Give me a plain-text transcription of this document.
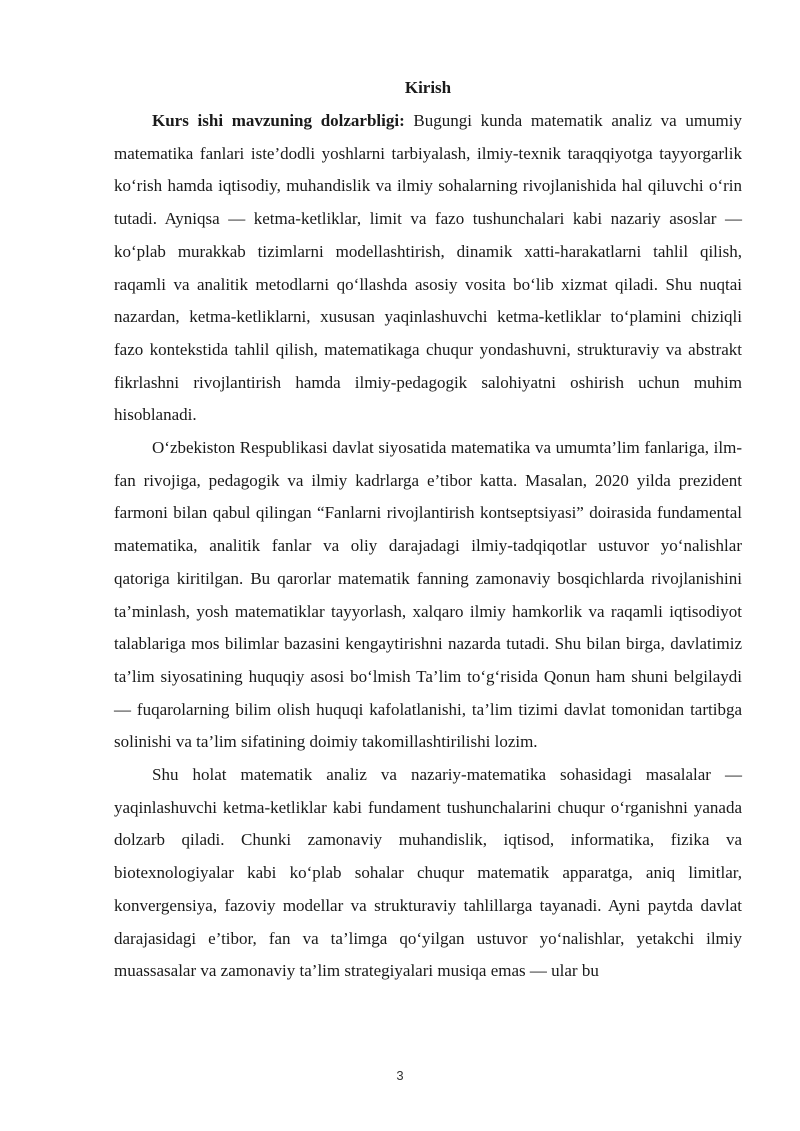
Kirish

Kurs ishi mavzuning dolzarbligi: Bugungi kunda matematik analiz va umumiy matematika fanlari iste’dodli yoshlarni tarbiyalash, ilmiy-texnik taraqqiyotga tayyorgarlik ko‘rish hamda iqtisodiy, muhandislik va ilmiy sohalarning rivojlanishida hal qiluvchi o‘rin tutadi. Ayniqsa — ketma-ketliklar, limit va fazo tushunchalari kabi nazariy asoslar — ko‘plab murakkab tizimlarni modellashtirish, dinamik xatti-harakatlarni tahlil qilish, raqamli va analitik metodlarni qo‘llashda asosiy vosita bo‘lib xizmat qiladi. Shu nuqtai nazardan, ketma-ketliklarni, xususan yaqinlashuvchi ketma-ketliklar to‘plamini chiziqli fazo kontekstida tahlil qilish, matematikaga chuqur yondashuvni, strukturaviy va abstrakt fikrlashni rivojlantirish hamda ilmiy-pedagogik salohiyatni oshirish uchun muhim hisoblanadi.

O‘zbekiston Respublikasi davlat siyosatida matematika va umumta’lim fanlariga, ilm-fan rivojiga, pedagogik va ilmiy kadrlarga e’tibor katta. Masalan, 2020 yilda prezident farmoni bilan qabul qilingan “Fanlarni rivojlantirish kontseptsiyasi” doirasida fundamental matematika, analitik fanlar va oliy darajadagi ilmiy-tadqiqotlar ustuvor yo‘nalishlar qatoriga kiritilgan. Bu qarorlar matematik fanning zamonaviy bosqichlarda rivojlanishini ta’minlash, yosh matematiklar tayyorlash, xalqaro ilmiy hamkorlik va raqamli iqtisodiyot talablariga mos bilimlar bazasini kengaytirishni nazarda tutadi. Shu bilan birga, davlatimiz ta’lim siyosatining huquqiy asosi bo‘lmish Ta’lim to‘g‘risida Qonun ham shuni belgilaydi — fuqarolarning bilim olish huquqi kafolatlanishi, ta’lim tizimi davlat tomonidan tartibga solinishi va ta’lim sifatining doimiy takomillashtirilishi lozim.

Shu holat matematik analiz va nazariy-matematika sohasidagi masalalar — yaqinlashuvchi ketma-ketliklar kabi fundament tushunchalarini chuqur o‘rganishni yanada dolzarb qiladi. Chunki zamonaviy muhandislik, iqtisod, informatika, fizika va biotexnologiyalar kabi ko‘plab sohalar chuqur matematik apparatga, aniq limitlar, konvergensiya, fazoviy modellar va strukturaviy tahlillarga tayanadi. Ayni paytda davlat darajasidagi e’tibor, fan va ta’limga qo‘yilgan ustuvor yo‘nalishlar, yetakchi ilmiy muassasalar va zamonaviy ta’lim strategiyalari musiqa emas — ular bu

3
